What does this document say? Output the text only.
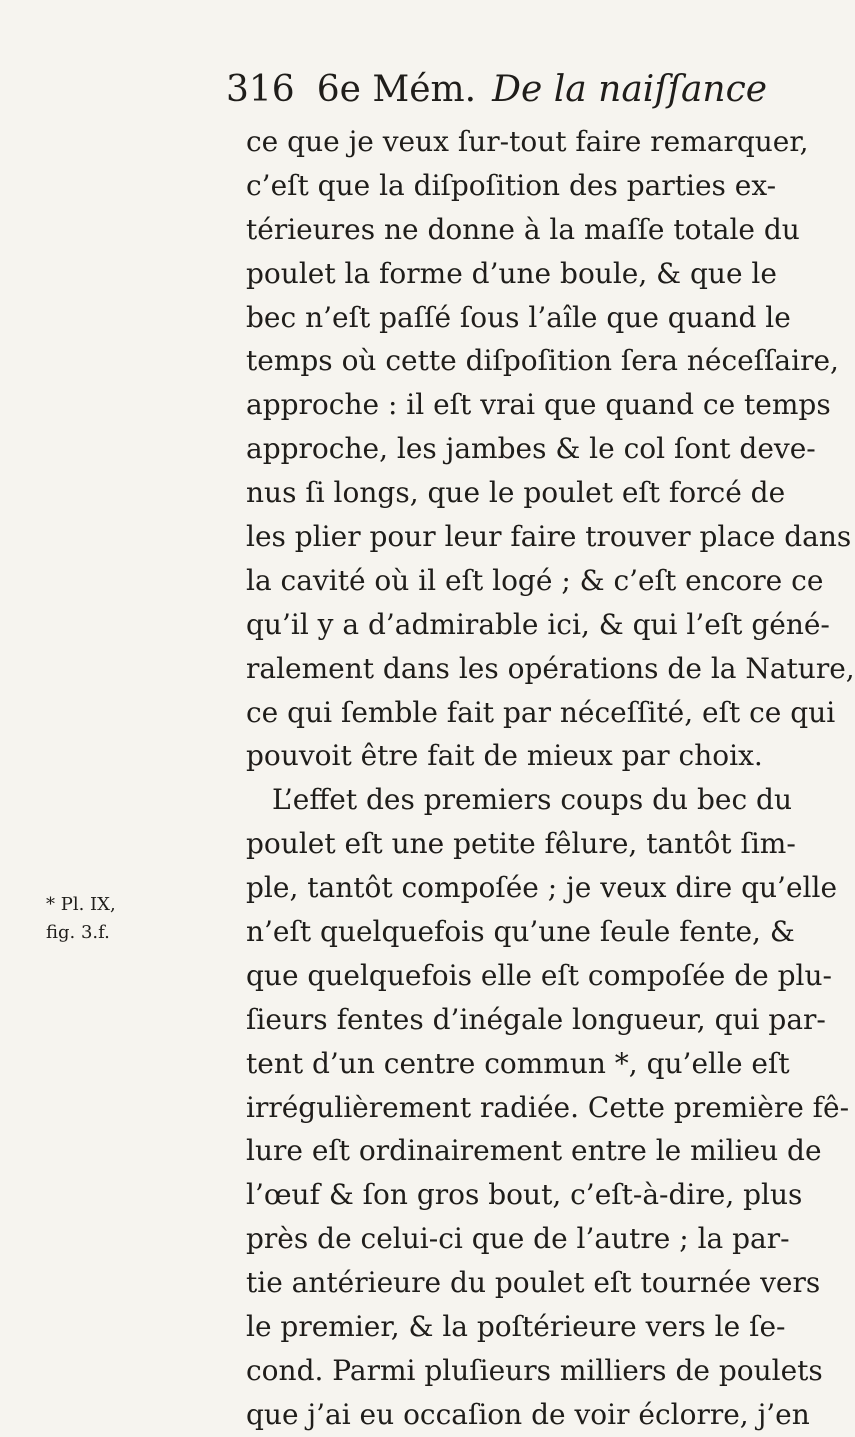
316 6e Mém. De la naiſſance
* Pl. IX,
fig. 3.f.
ce que je veux ſur-tout faire remarquer,
c’eſt que la diſpoſition des parties ex-
térieures ne donne à la maſſe totale du
poulet la forme d’une boule, & que le
bec n’eſt paſſé ſous l’aîle que quand le
temps où cette diſpoſition ſera néceſſaire,
approche : il eſt vrai que quand ce temps
approche, les jambes & le col ſont deve-
nus ſi longs, que le poulet eſt forcé de
les plier pour leur faire trouver place dans
la cavité où il eſt logé ; & c’eſt encore ce
qu’il y a d’admirable ici, & qui l’eſt géné-
ralement dans les opérations de la Nature,
ce qui ſemble fait par néceſſité, eſt ce qui
pouvoit être fait de mieux par choix.
L’effet des premiers coups du bec du
poulet eſt une petite fêlure, tantôt ſim-
ple, tantôt compoſée ; je veux dire qu’elle
n’eſt quelquefois qu’une ſeule fente, &
que quelquefois elle eſt compoſée de plu-
ſieurs fentes d’inégale longueur, qui par-
tent d’un centre commun *, qu’elle eſt
irrégulièrement radiée. Cette première fê-
lure eſt ordinairement entre le milieu de
l’œuf & ſon gros bout, c’eſt-à-dire, plus
près de celui-ci que de l’autre ; la par-
tie antérieure du poulet eſt tournée vers
le premier, & la poſtérieure vers le ſe-
cond. Parmi pluſieurs milliers de poulets
que j’ai eu occaſion de voir éclorre, j’en
